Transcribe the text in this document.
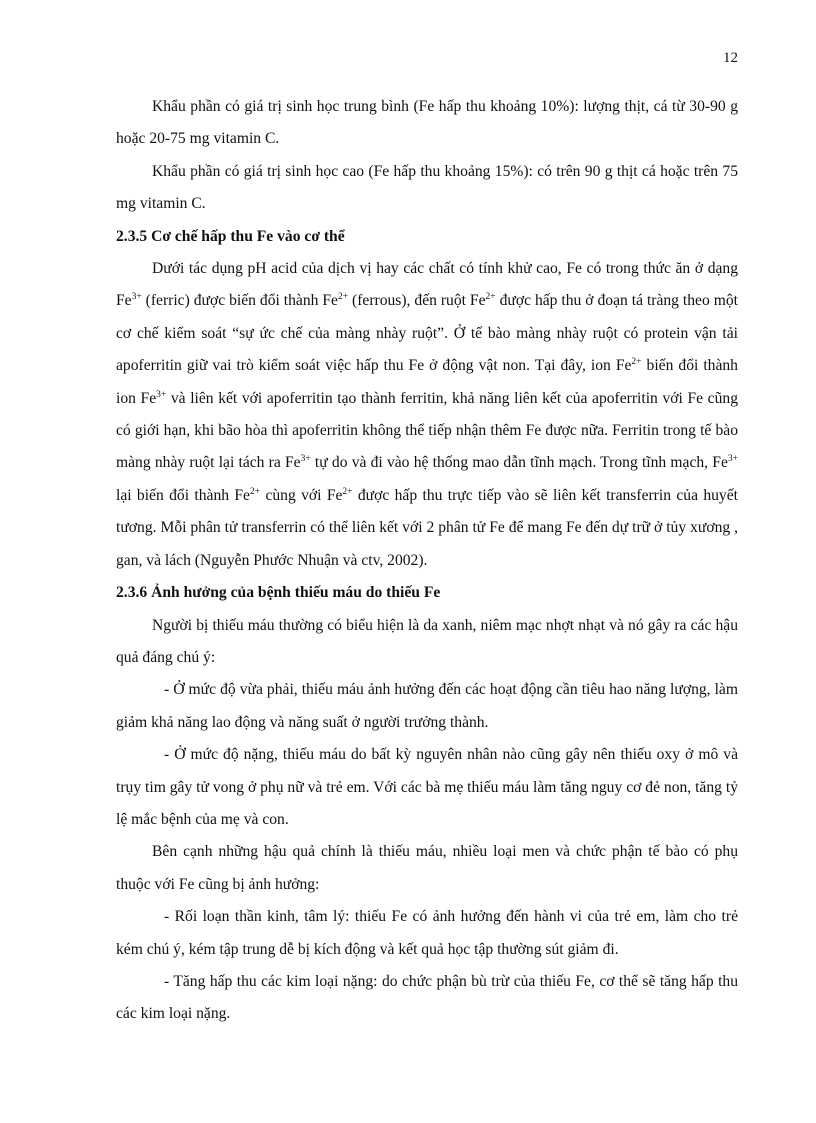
12

Khẩu phần có giá trị sinh học trung bình (Fe hấp thu khoảng 10%): lượng thịt, cá từ 30-90 g hoặc 20-75 mg vitamin C.

Khẩu phần có giá trị sinh học cao (Fe hấp thu khoảng 15%): có trên 90 g thịt cá hoặc trên 75 mg vitamin C.

2.3.5 Cơ chế hấp thu Fe vào cơ thể

Dưới tác dụng pH acid của dịch vị hay các chất có tính khử cao, Fe có trong thức ăn ở dạng $Fe^{3+}$ (ferric) được biến đổi thành $Fe^{2+}$ (ferrous), đến ruột $Fe^{2+}$ được hấp thu ở đoạn tá tràng theo một cơ chế kiểm soát “sự ức chế của màng nhày ruột”. Ở tế bào màng nhày ruột có protein vận tải apoferritin giữ vai trò kiểm soát việc hấp thu Fe ở động vật non. Tại đây, ion $Fe^{2+}$ biến đổi thành ion $Fe^{3+}$ và liên kết với apoferritin tạo thành ferritin, khả năng liên kết của apoferritin với Fe cũng có giới hạn, khi bão hòa thì apoferritin không thể tiếp nhận thêm Fe được nữa. Ferritin trong tế bào màng nhày ruột lại tách ra $Fe^{3+}$ tự do và đi vào hệ thống mao dẫn tĩnh mạch. Trong tĩnh mạch, $Fe^{3+}$ lại biến đổi thành $Fe^{2+}$ cùng với $Fe^{2+}$ được hấp thu trực tiếp vào sẽ liên kết transferrin của huyết tương. Mỗi phân tử transferrin có thể liên kết với 2 phân tử Fe để mang Fe đến dự trữ ở tủy xương , gan, và lách (Nguyễn Phước Nhuận và ctv, 2002).

2.3.6 Ảnh hưởng của bệnh thiếu máu do thiếu Fe

Người bị thiếu máu thường có biểu hiện là da xanh, niêm mạc nhợt nhạt và nó gây ra các hậu quả đáng chú ý:

- Ở mức độ vừa phải, thiếu máu ảnh hưởng đến các hoạt động cần tiêu hao năng lượng, làm giảm khả năng lao động và năng suất ở người trưởng thành.

- Ở mức độ nặng, thiếu máu do bất kỳ nguyên nhân nào cũng gây nên thiếu oxy ở mô và trụy tim gây tử vong ở phụ nữ và trẻ em. Với các bà mẹ thiếu máu làm tăng nguy cơ đẻ non, tăng tỷ lệ mắc bệnh của mẹ và con.

Bên cạnh những hậu quả chính là thiếu máu, nhiều loại men và chức phận tế bào có phụ thuộc với Fe cũng bị ảnh hưởng:

- Rối loạn thần kinh, tâm lý: thiếu Fe có ảnh hưởng đến hành vi của trẻ em, làm cho trẻ kém chú ý, kém tập trung dễ bị kích động và kết quả học tập thường sút giảm đi.

- Tăng hấp thu các kim loại nặng: do chức phận bù trừ của thiếu Fe, cơ thể sẽ tăng hấp thu các kim loại nặng.
